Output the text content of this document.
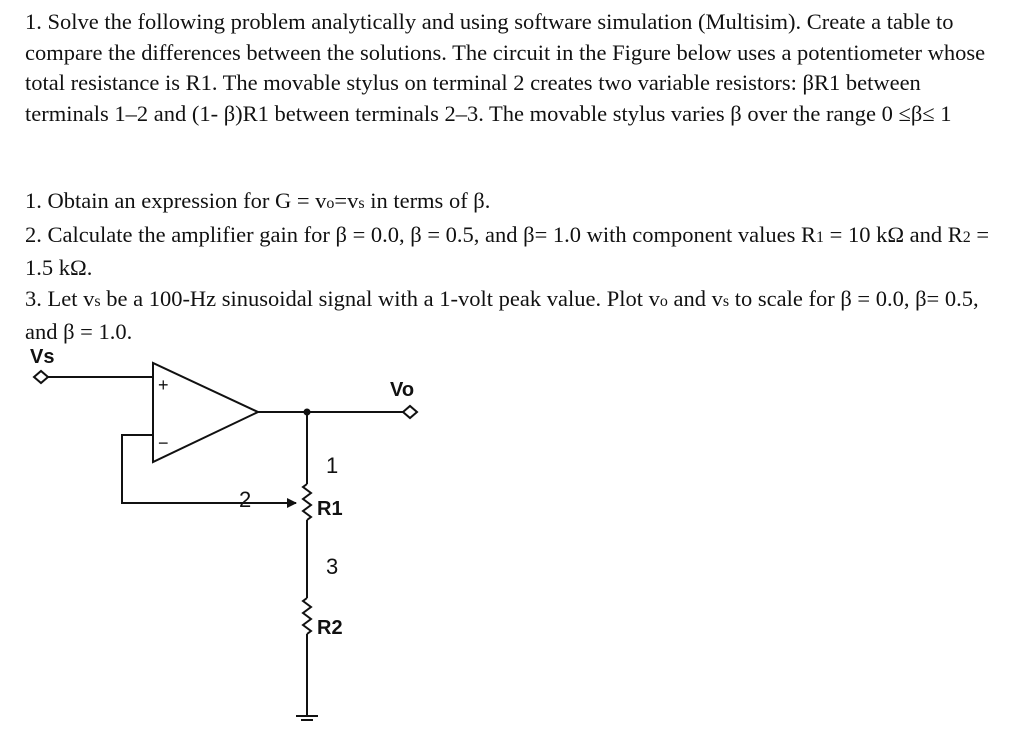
1. Solve the following problem analytically and using software simulation (Multisim). Create a table to compare the differences between the solutions. The circuit in the Figure below uses a potentiometer whose total resistance is R1. The movable stylus on terminal 2 creates two variable resistors: βR1 between terminals 1–2 and (1- β)R1 between terminals 2–3. The movable stylus varies β over the range 0 ≤β≤ 1

1. Obtain an expression for G = vo=vs in terms of β.

2. Calculate the amplifier gain for β = 0.0, β = 0.5, and β= 1.0 with component values R1 = 10 kΩ and R2 = 1.5 kΩ.

3. Let vs be a 100-Hz sinusoidal signal with a 1-volt peak value. Plot vo and vs to scale for β = 0.0, β= 0.5, and β = 1.0.

Vs
+
−
Vo
2
1
R1
3
R2
